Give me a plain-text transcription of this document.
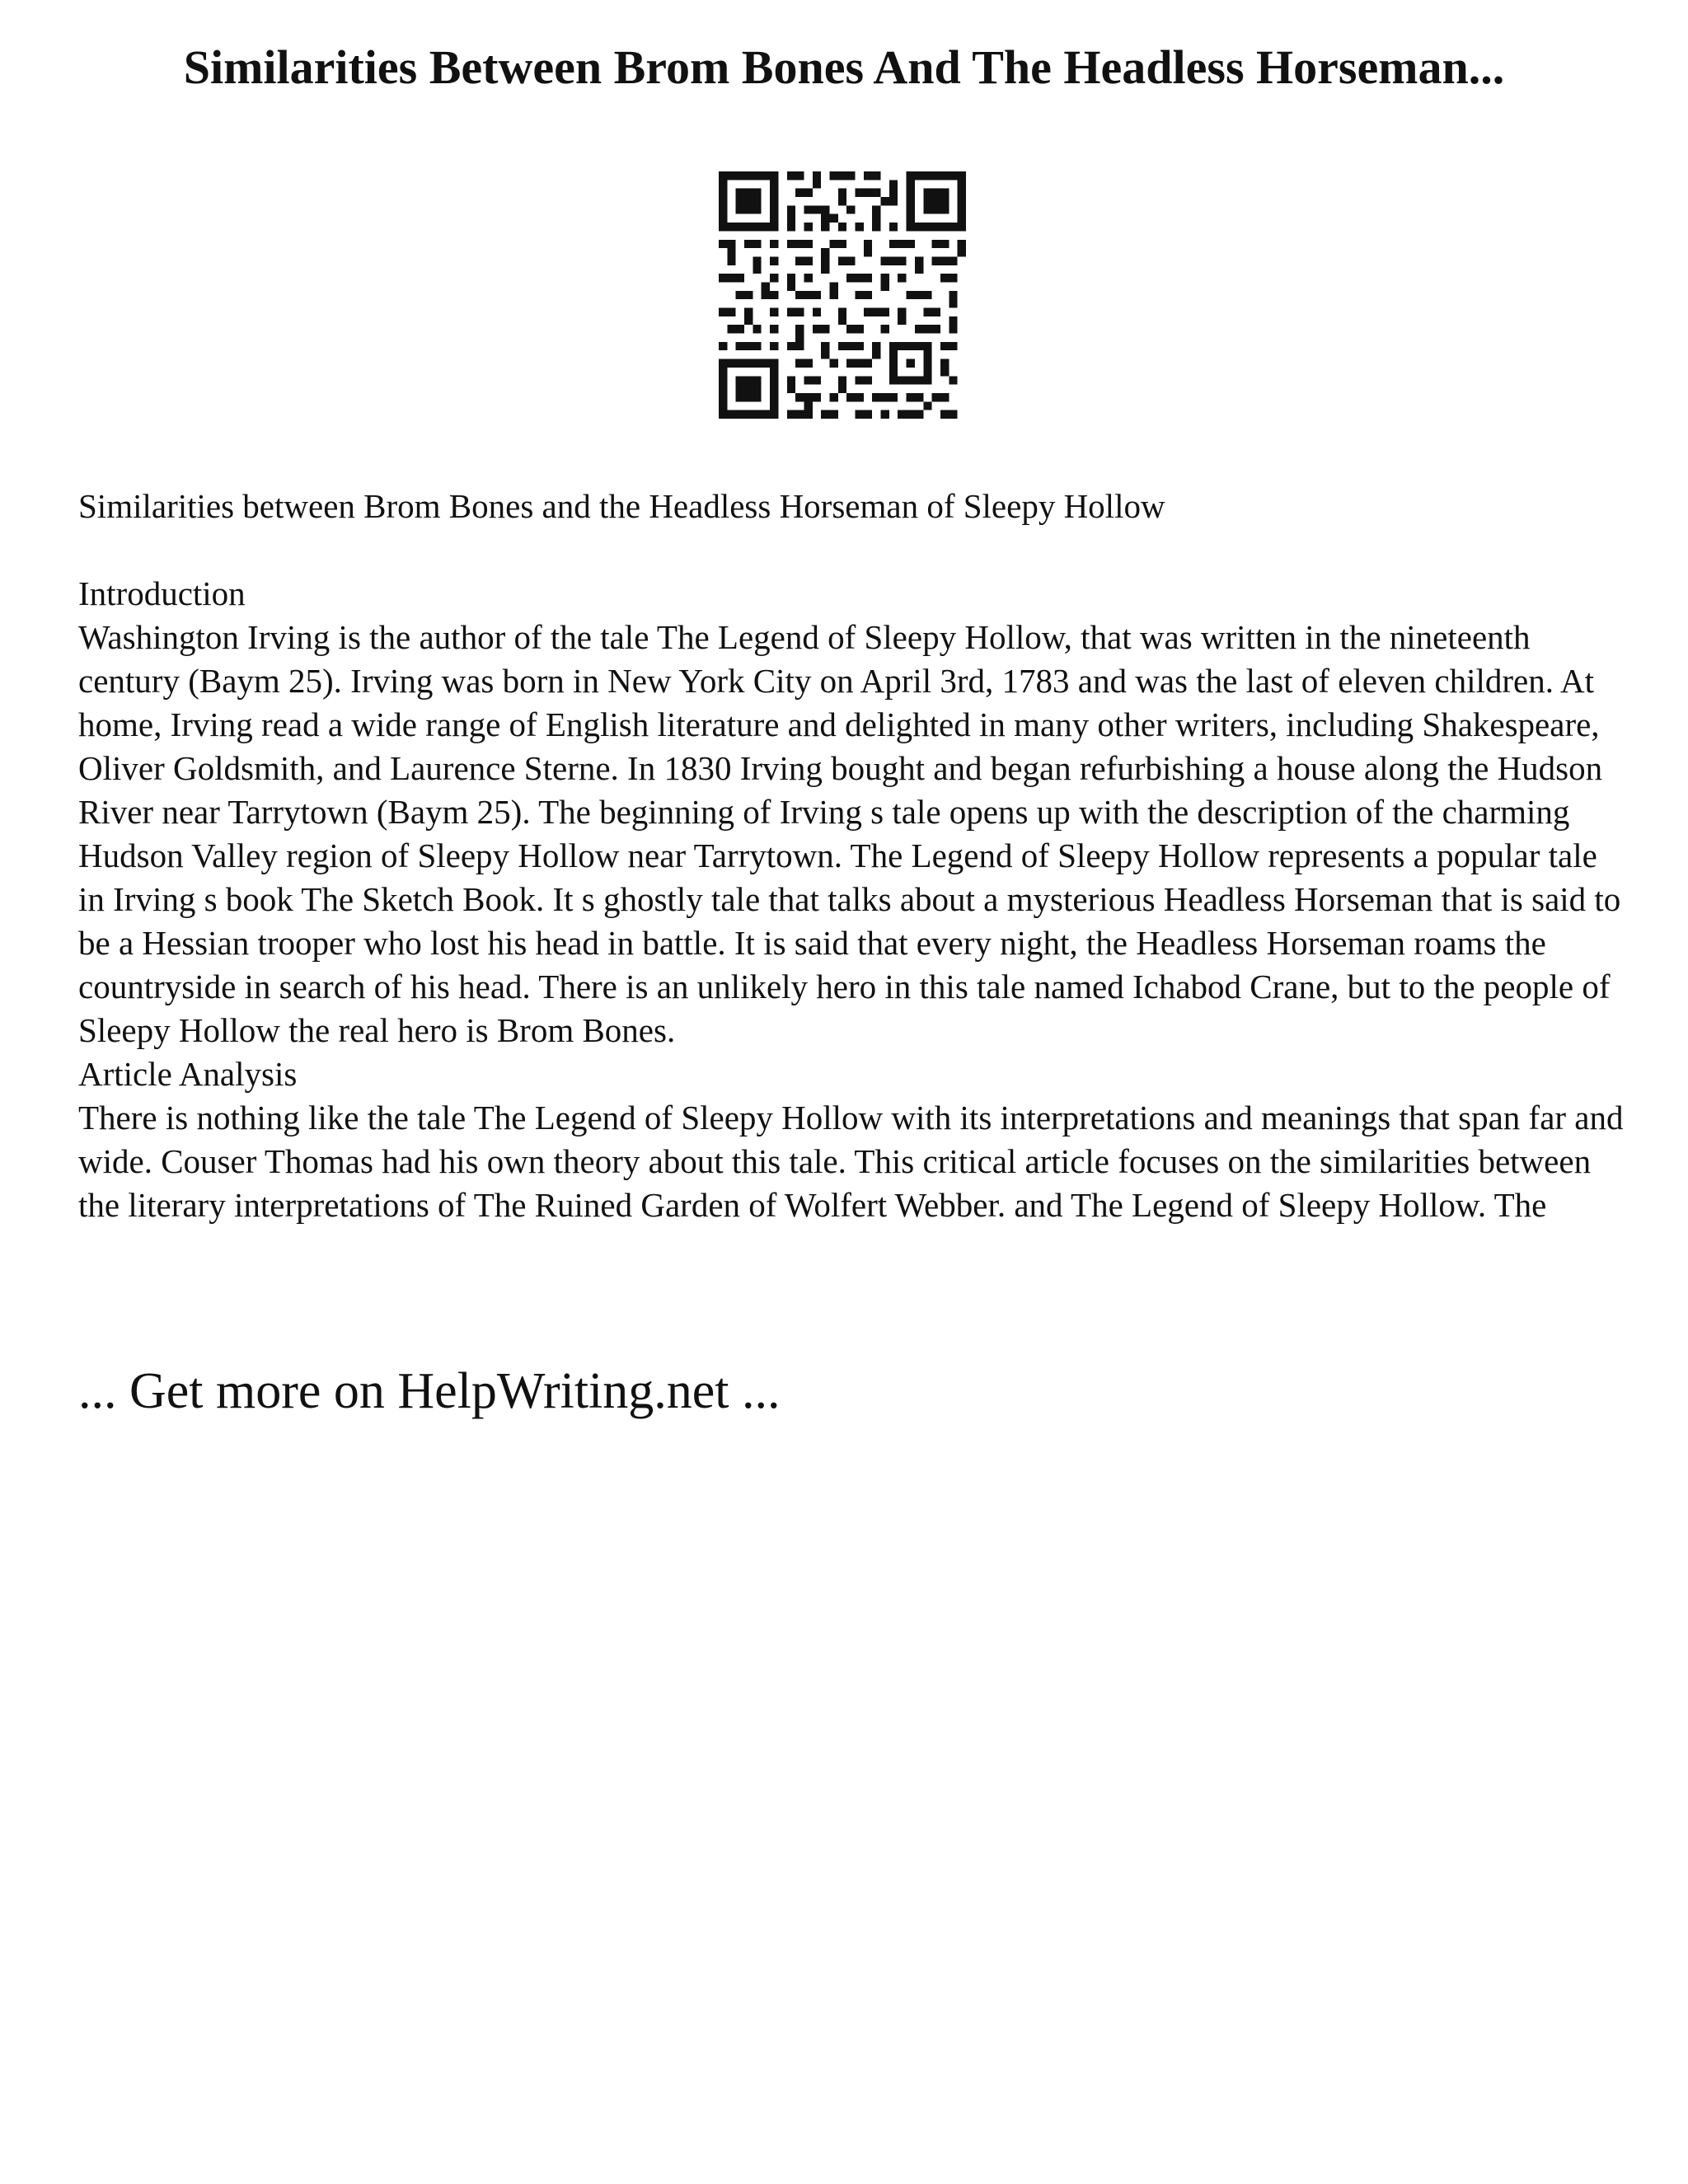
Similarities Between Brom Bones And The Headless Horseman...

Similarities between Brom Bones and the Headless Horseman of Sleepy Hollow

Introduction

Washington Irving is the author of the tale The Legend of Sleepy Hollow, that was written in the nineteenth century (Baym 25). Irving was born in New York City on April 3rd, 1783 and was the last of eleven children. At home, Irving read a wide range of English literature and delighted in many other writers, including Shakespeare, Oliver Goldsmith, and Laurence Sterne. In 1830 Irving bought and began refurbishing a house along the Hudson River near Tarrytown (Baym 25). The beginning of Irving s tale opens up with the description of the charming Hudson Valley region of Sleepy Hollow near Tarrytown. The Legend of Sleepy Hollow represents a popular tale in Irving s book The Sketch Book. It s ghostly tale that talks about a mysterious Headless Horseman that is said to be a Hessian trooper who lost his head in battle. It is said that every night, the Headless Horseman roams the countryside in search of his head. There is an unlikely hero in this tale named Ichabod Crane, but to the people of Sleepy Hollow the real hero is Brom Bones.

Article Analysis

There is nothing like the tale The Legend of Sleepy Hollow with its interpretations and meanings that span far and wide. Couser Thomas had his own theory about this tale. This critical article focuses on the similarities between the literary interpretations of The Ruined Garden of Wolfert Webber. and The Legend of Sleepy Hollow. The

... Get more on HelpWriting.net ...
